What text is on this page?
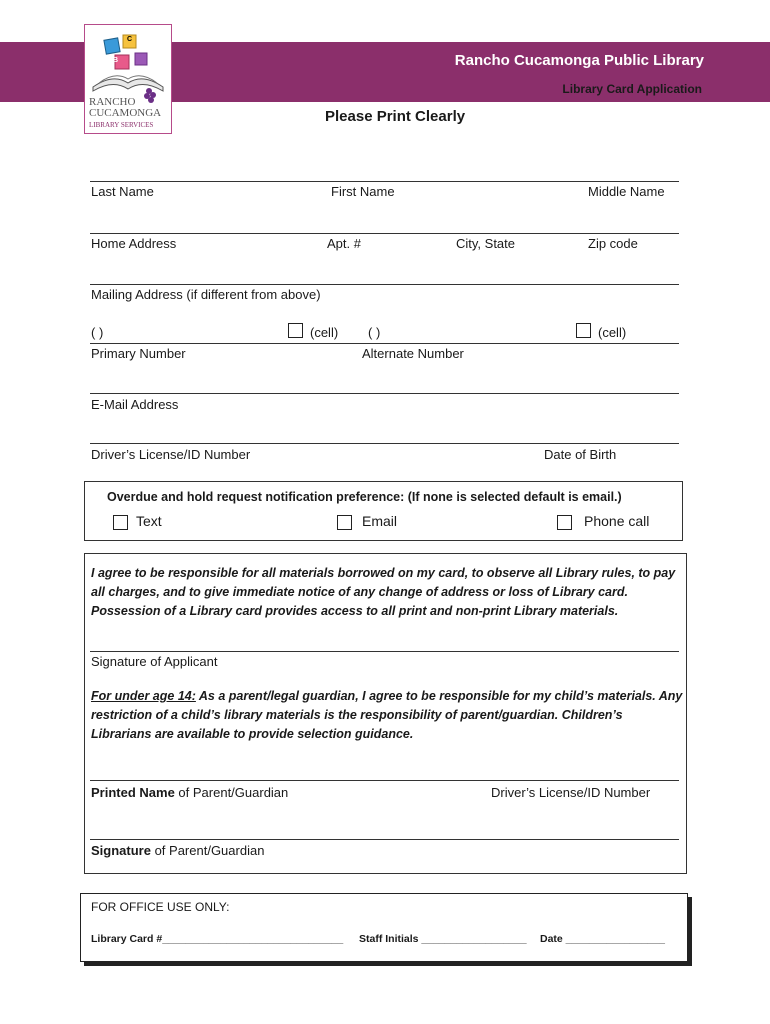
Rancho Cucamonga Public Library
Library Card Application
RANCHO
CUCAMONGA
LIBRARY SERVICES
B
C
Please Print Clearly
Last Name	First Name	Middle Name
Home Address	Apt. #	City, State	Zip code
Mailing Address (if different from above)
( )	(cell) ( )	(cell)
Primary Number	Alternate Number
E-Mail Address
Driver’s License/ID Number	Date of Birth
Overdue and hold request notification preference: (If none is selected default is email.)
Text	Email	Phone call
I agree to be responsible for all materials borrowed on my card, to observe all Library rules, to pay all charges, and to give immediate notice of any change of address or loss of Library card. Possession of a Library card provides access to all print and non-print Library materials.
Signature of Applicant
For under age 14: As a parent/legal guardian, I agree to be responsible for my child’s materials. Any restriction of a child’s library materials is the responsibility of parent/guardian. Children’s Librarians are available to provide selection guidance.
Printed Name of Parent/Guardian	Driver’s License/ID Number
Signature of Parent/Guardian
FOR OFFICE USE ONLY:
Library Card #_______________________________ Staff Initials __________________ Date _________________
